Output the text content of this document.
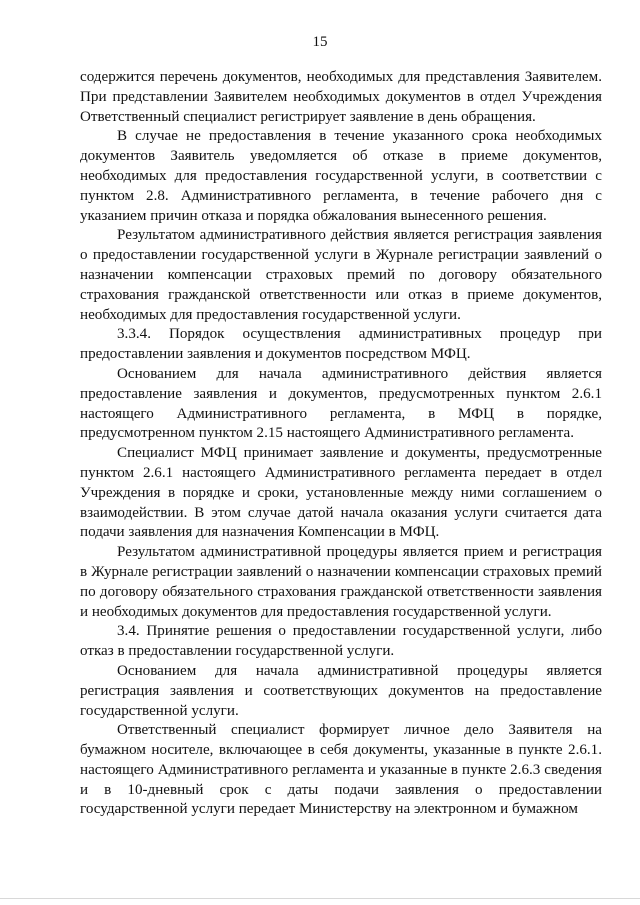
15

содержится перечень документов, необходимых для представления Заявителем. При представлении Заявителем необходимых документов в отдел Учреждения Ответственный специалист регистрирует заявление в день обращения.

В случае не предоставления в течение указанного срока необходимых документов Заявитель уведомляется об отказе в приеме документов, необходимых для предоставления государственной услуги, в соответствии с пунктом 2.8. Административного регламента, в течение рабочего дня с указанием причин отказа и порядка обжалования вынесенного решения.

Результатом административного действия является регистрация заявления о предоставлении государственной услуги в Журнале регистрации заявлений о назначении компенсации страховых премий по договору обязательного страхования гражданской ответственности или отказ в приеме документов, необходимых для предоставления государственной услуги.

3.3.4. Порядок осуществления административных процедур при предоставлении заявления и документов посредством МФЦ.

Основанием для начала административного действия является предоставление заявления и документов, предусмотренных пунктом 2.6.1 настоящего Административного регламента, в МФЦ в порядке, предусмотренном пунктом 2.15 настоящего Административного регламента.

Специалист МФЦ принимает заявление и документы, предусмотренные пунктом 2.6.1 настоящего Административного регламента передает в отдел Учреждения в порядке и сроки, установленные между ними соглашением о взаимодействии. В этом случае датой начала оказания услуги считается дата подачи заявления для назначения Компенсации в МФЦ.

Результатом административной процедуры является прием и регистрация в Журнале регистрации заявлений о назначении компенсации страховых премий по договору обязательного страхования гражданской ответственности заявления и необходимых документов для предоставления государственной услуги.

3.4. Принятие решения о предоставлении государственной услуги, либо отказ в предоставлении государственной услуги.

Основанием для начала административной процедуры является регистрация заявления и соответствующих документов на предоставление государственной услуги.

Ответственный специалист формирует личное дело Заявителя на бумажном носителе, включающее в себя документы, указанные в пункте 2.6.1. настоящего Административного регламента и указанные в пункте 2.6.3 сведения и в 10-дневный срок с даты подачи заявления о предоставлении государственной услуги передает Министерству на электронном и бумажном
